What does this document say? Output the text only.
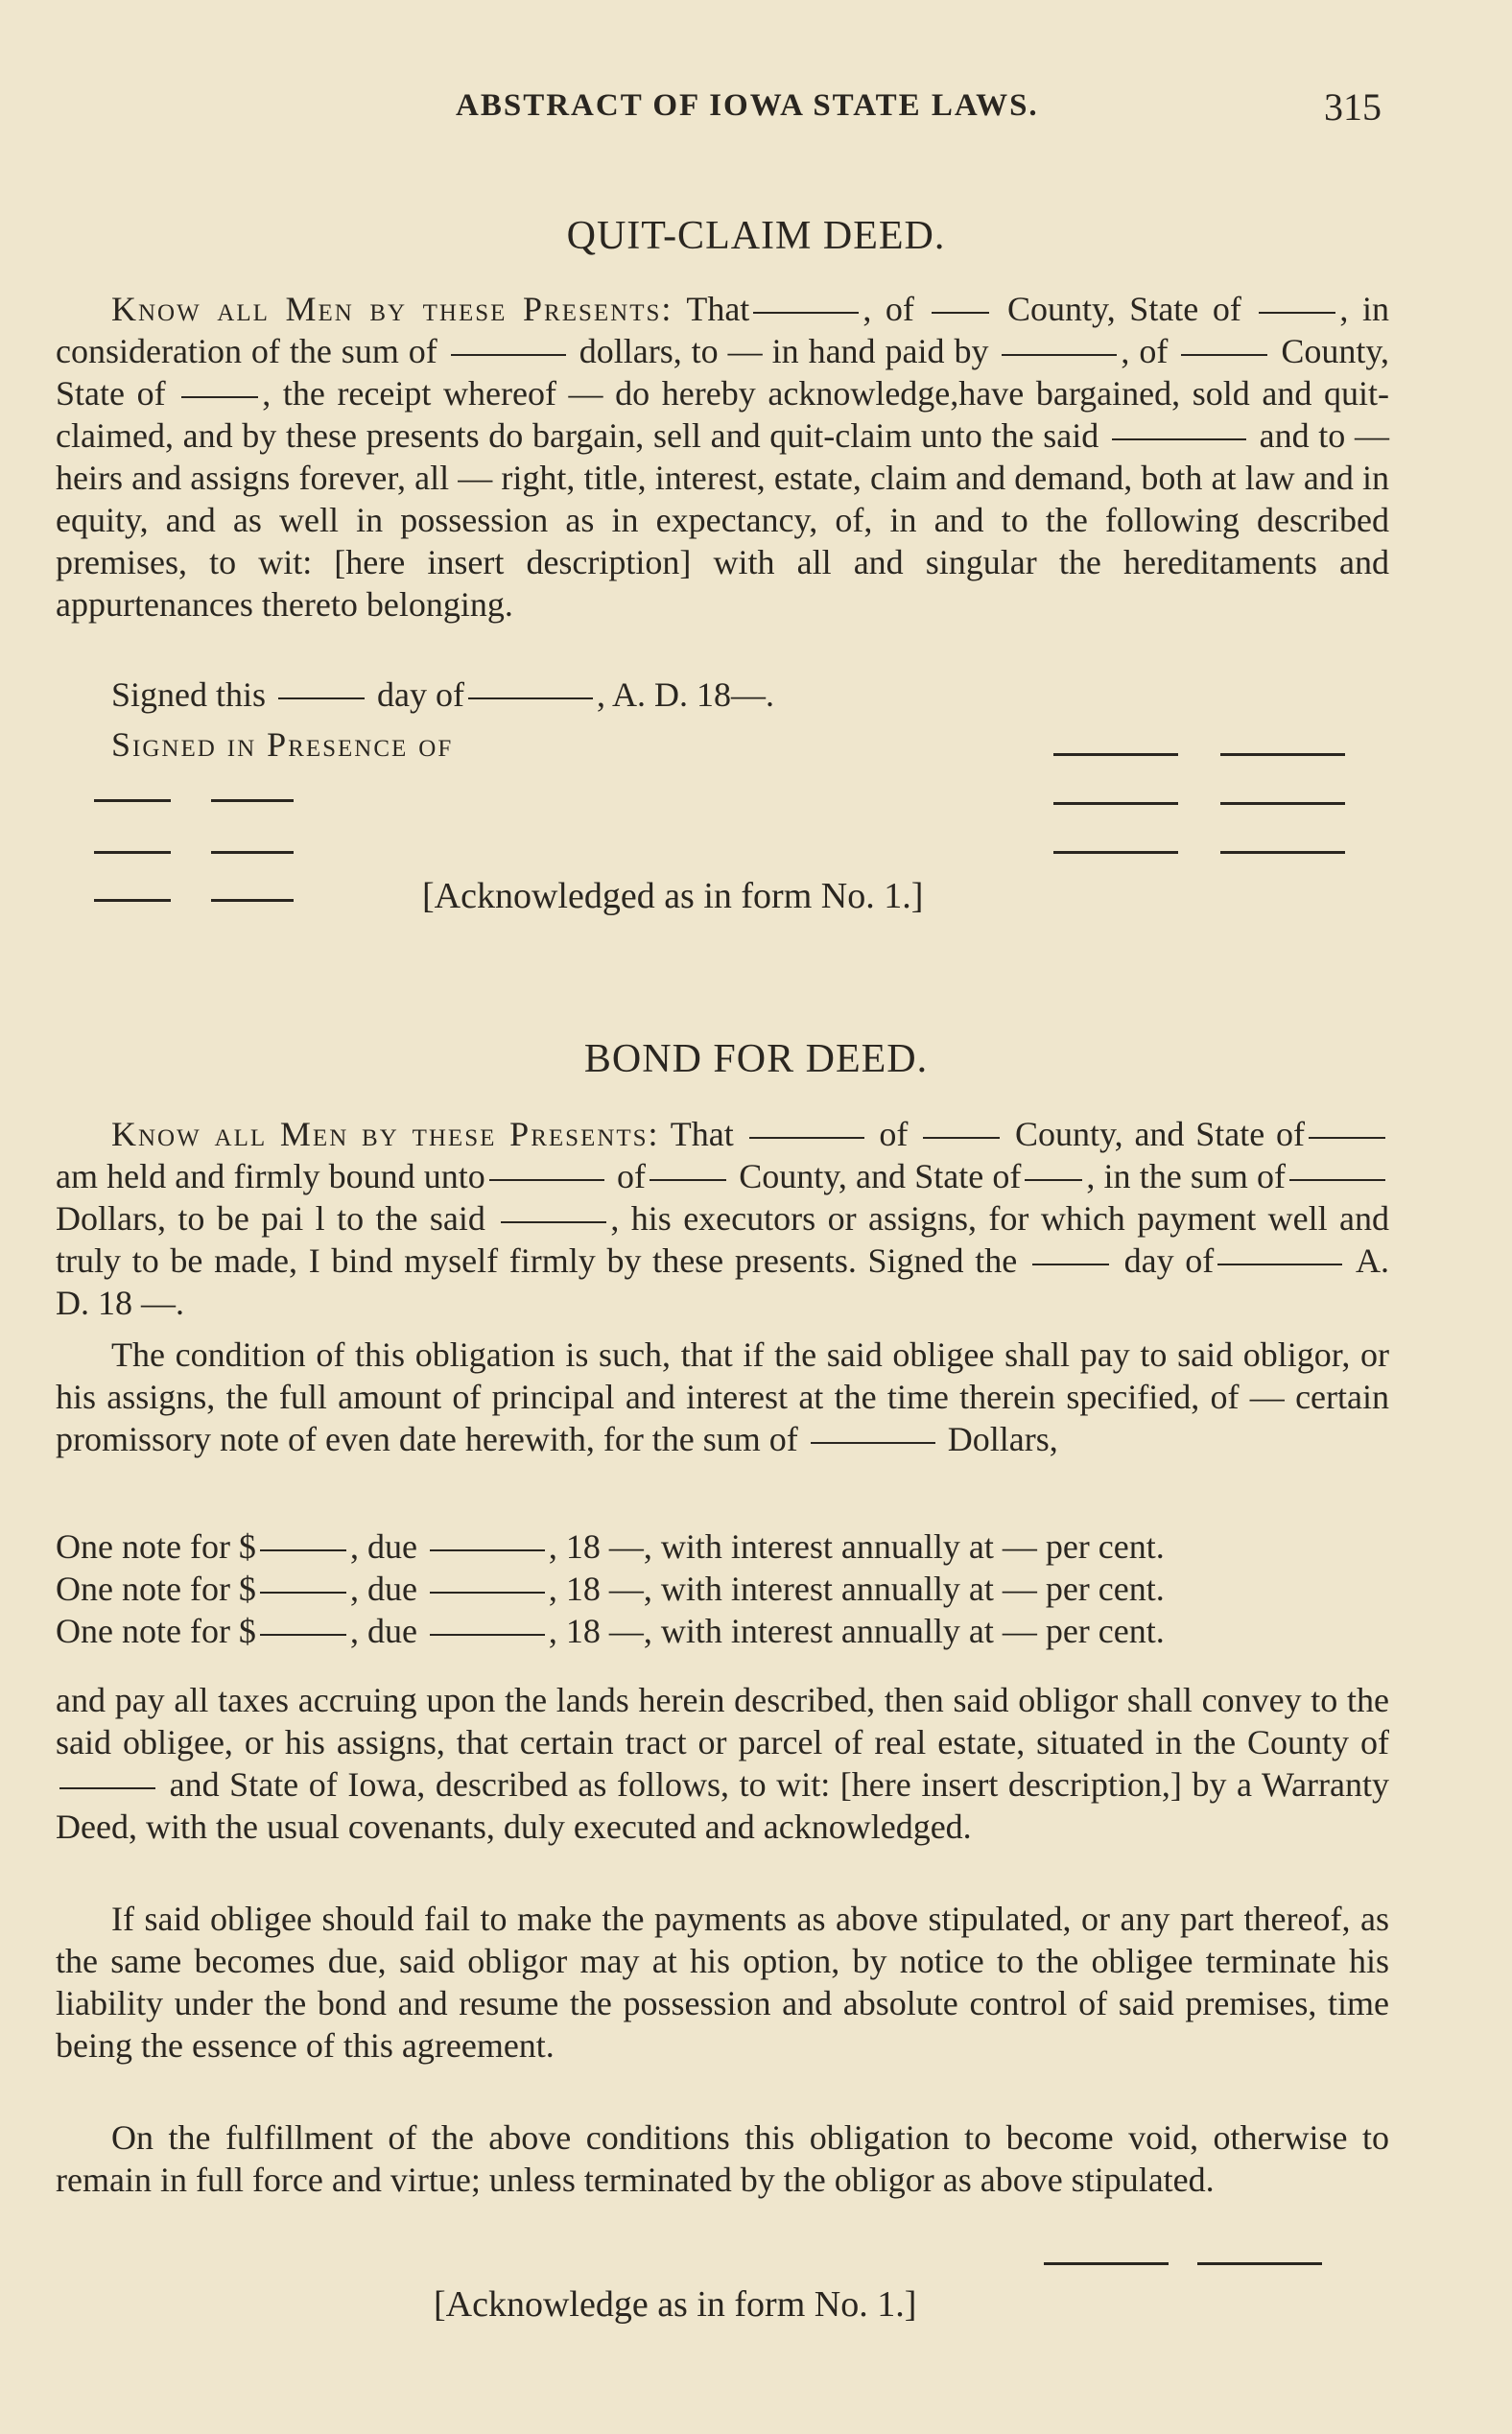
ABSTRACT OF IOWA STATE LAWS.	315
QUIT-CLAIM DEED.
Know all Men by these Presents: That	, of	County, State of	, in consideration of the sum of	dollars, to — in hand paid by	, of	County, State of	, the receipt whereof — do hereby acknowledge,have bargained, sold and quit-claimed, and by these presents do bargain, sell and quit-claim unto the said	and to — heirs and assigns forever, all — right, title, interest, estate, claim and demand, both at law and in equity, and as well in possession as in expectancy, of, in and to the following described premises, to wit: [here insert description] with all and singular the hereditaments and appurtenances thereto belonging.
Signed this	day of	, A. D. 18—.
Signed in Presence of
[Acknowledged as in form No. 1.]
BOND FOR DEED.
Know all Men by these Presents: That	of	County, and State of am held and firmly bound unto	of	County, and State of , in the sum of Dollars, to be pai l to the said	, his executors or assigns, for which payment well and truly to be made, I bind myself firmly by these presents. Signed the	day of	A. D. 18 —.
The condition of this obligation is such, that if the said obligee shall pay to said obligor, or his assigns, the full amount of principal and interest at the time therein specified, of — certain promissory note of even date herewith, for the sum of	Dollars,
One note for $	, due	, 18 —, with interest annually at — per cent.
One note for $	, due	, 18 —, with interest annually at — per cent.
One note for $	, due	, 18 —, with interest annually at — per cent.
and pay all taxes accruing upon the lands herein described, then said obligor shall convey to the said obligee, or his assigns, that certain tract or parcel of real estate, situated in the County of  and State of Iowa, described as follows, to wit: [here insert description,] by a Warranty Deed, with the usual covenants, duly executed and acknowledged.
If said obligee should fail to make the payments as above stipulated, or any part thereof, as the same becomes due, said obligor may at his option, by notice to the obligee terminate his liability under the bond and resume the possession and absolute control of said premises, time being the essence of this agreement.
On the fulfillment of the above conditions this obligation to become void, otherwise to remain in full force and virtue; unless terminated by the obligor as above stipulated.
[Acknowledge as in form No. 1.]
